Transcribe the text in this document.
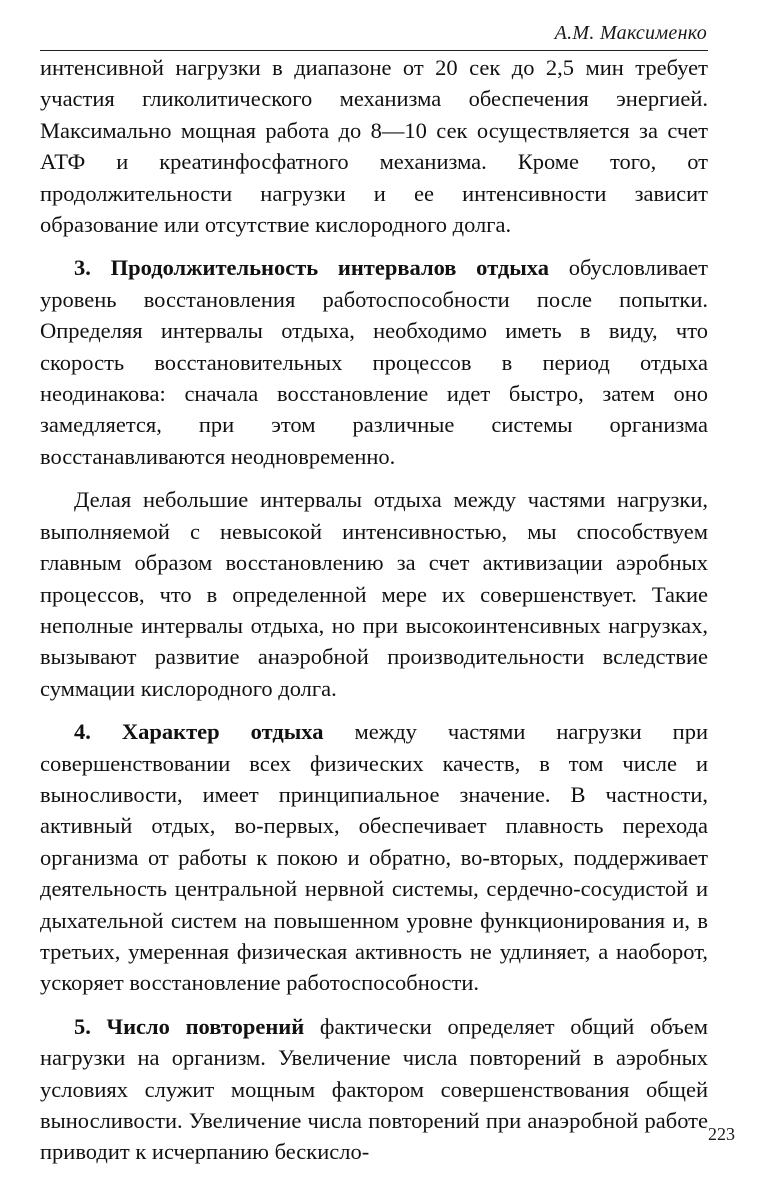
А.М. Максименко

интенсивной нагрузки в диапазоне от 20 сек до 2,5 мин требует участия гликолитического механизма обеспечения энергией. Максимально мощная работа до 8—10 сек осуществляется за счет АТФ и креатинфосфатного механизма. Кроме того, от продолжительности нагрузки и ее интенсивности зависит образование или отсутствие кислородного долга.

3. Продолжительность интервалов отдыха обусловливает уровень восстановления работоспособности после попытки. Определяя интервалы отдыха, необходимо иметь в виду, что скорость восстановительных процессов в период отдыха неодинакова: сначала восстановление идет быстро, затем оно замедляется, при этом различные системы организма восстанавливаются неодновременно.

Делая небольшие интервалы отдыха между частями нагрузки, выполняемой с невысокой интенсивностью, мы способствуем главным образом восстановлению за счет активизации аэробных процессов, что в определенной мере их совершенствует. Такие неполные интервалы отдыха, но при высокоинтенсивных нагрузках, вызывают развитие анаэробной производительности вследствие суммации кислородного долга.

4. Характер отдыха между частями нагрузки при совершенствовании всех физических качеств, в том числе и выносливости, имеет принципиальное значение. В частности, активный отдых, во-первых, обеспечивает плавность перехода организма от работы к покою и обратно, во-вторых, поддерживает деятельность центральной нервной системы, сердечно-сосудистой и дыхательной систем на повышенном уровне функционирования и, в третьих, умеренная физическая активность не удлиняет, а наоборот, ускоряет восстановление работоспособности.

5. Число повторений фактически определяет общий объем нагрузки на организм. Увеличение числа повторений в аэробных условиях служит мощным фактором совершенствования общей выносливости. Увеличение числа повторений при анаэробной работе приводит к исчерпанию бескисло-

223
